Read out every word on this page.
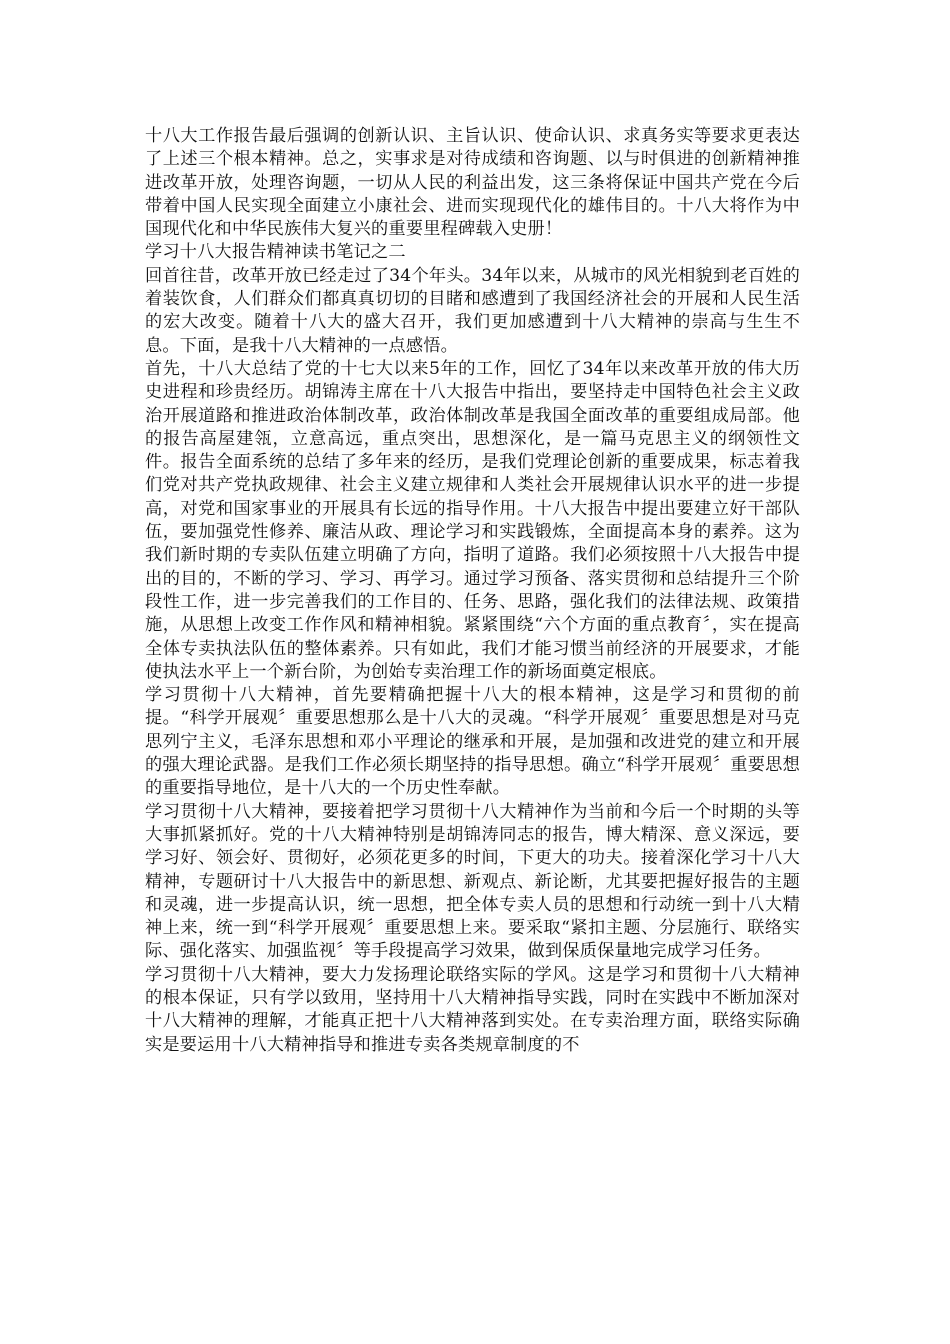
十八大工作报告最后强调的创新认识、主旨认识、使命认识、求真务实等要求更表达了上述三个根本精神。总之，实事求是对待成绩和咨询题、以与时俱进的创新精神推进改革开放，处理咨询题，一切从人民的利益出发，这三条将保证中国共产党在今后带着中国人民实现全面建立小康社会、进而实现现代化的雄伟目的。十八大将作为中国现代化和中华民族伟大复兴的重要里程碑载入史册！

学习十八大报告精神读书笔记之二

回首往昔，改革开放已经走过了34个年头。34年以来，从城市的风光相貌到老百姓的着装饮食，人们群众们都真真切切的目睹和感遭到了我国经济社会的开展和人民生活的宏大改变。随着十八大的盛大召开，我们更加感遭到十八大精神的崇高与生生不息。下面，是我十八大精神的一点感悟。

首先，十八大总结了党的十七大以来5年的工作，回忆了34年以来改革开放的伟大历史进程和珍贵经历。胡锦涛主席在十八大报告中指出，要坚持走中国特色社会主义政治开展道路和推进政治体制改革，政治体制改革是我国全面改革的重要组成局部。他的报告高屋建瓴，立意高远，重点突出，思想深化，是一篇马克思主义的纲领性文件。报告全面系统的总结了多年来的经历，是我们党理论创新的重要成果，标志着我们党对共产党执政规律、社会主义建立规律和人类社会开展规律认识水平的进一步提高，对党和国家事业的开展具有长远的指导作用。十八大报告中提出要建立好干部队伍，要加强党性修养、廉洁从政、理论学习和实践锻炼，全面提高本身的素养。这为我们新时期的专卖队伍建立明确了方向，指明了道路。我们必须按照十八大报告中提出的目的，不断的学习、学习、再学习。通过学习预备、落实贯彻和总结提升三个阶段性工作，进一步完善我们的工作目的、任务、思路，强化我们的法律法规、政策措施，从思想上改变工作作风和精神相貌。紧紧围绕“六个方面的重点教育〞，实在提高全体专卖执法队伍的整体素养。只有如此，我们才能习惯当前经济的开展要求，才能使执法水平上一个新台阶，为创始专卖治理工作的新场面奠定根底。

学习贯彻十八大精神，首先要精确把握十八大的根本精神，这是学习和贯彻的前提。“科学开展观〞重要思想那么是十八大的灵魂。“科学开展观〞重要思想是对马克思列宁主义，毛泽东思想和邓小平理论的继承和开展，是加强和改进党的建立和开展的强大理论武器。是我们工作必须长期坚持的指导思想。确立“科学开展观〞重要思想的重要指导地位，是十八大的一个历史性奉献。

学习贯彻十八大精神，要接着把学习贯彻十八大精神作为当前和今后一个时期的头等大事抓紧抓好。党的十八大精神特别是胡锦涛同志的报告，博大精深、意义深远，要学习好、领会好、贯彻好，必须花更多的时间，下更大的功夫。接着深化学习十八大精神，专题研讨十八大报告中的新思想、新观点、新论断，尤其要把握好报告的主题和灵魂，进一步提高认识，统一思想，把全体专卖人员的思想和行动统一到十八大精神上来，统一到“科学开展观〞重要思想上来。要采取“紧扣主题、分层施行、联络实际、强化落实、加强监视〞等手段提高学习效果，做到保质保量地完成学习任务。

学习贯彻十八大精神，要大力发扬理论联络实际的学风。这是学习和贯彻十八大精神的根本保证，只有学以致用，坚持用十八大精神指导实践，同时在实践中不断加深对十八大精神的理解，才能真正把十八大精神落到实处。在专卖治理方面，联络实际确实是要运用十八大精神指导和推进专卖各类规章制度的不
